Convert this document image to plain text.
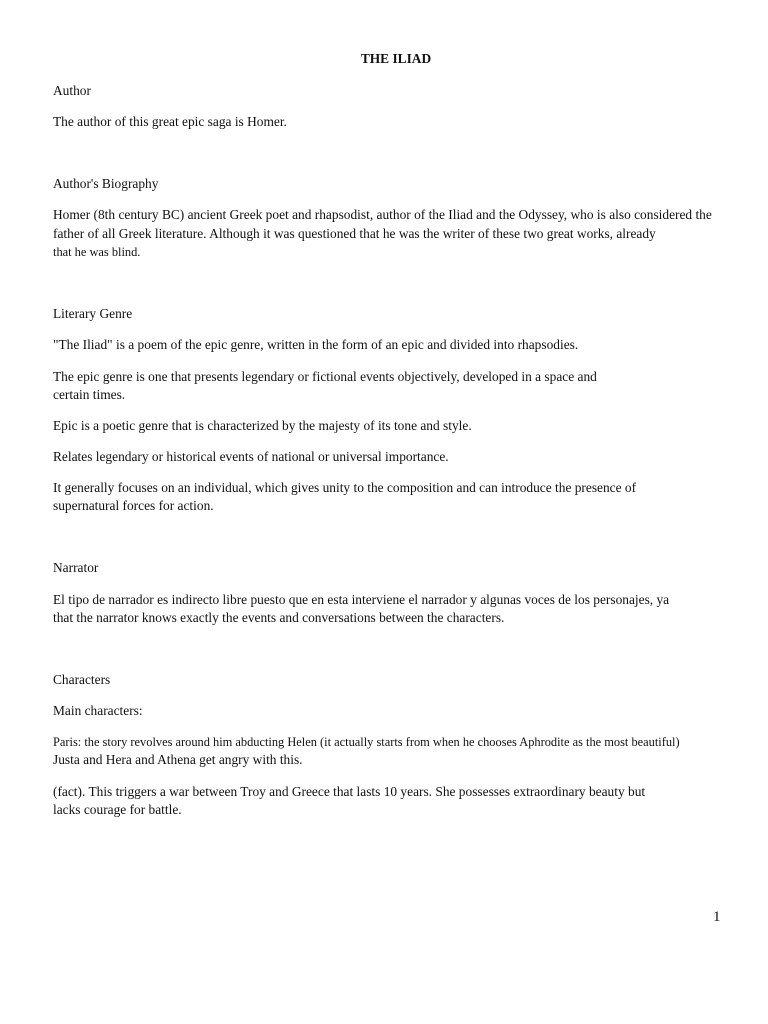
THE ILIAD
Author
The author of this great epic saga is Homer.
Author's Biography
Homer (8th century BC) ancient Greek poet and rhapsodist, author of the Iliad and the Odyssey, who is also considered the
father of all Greek literature. Although it was questioned that he was the writer of these two great works, already
that he was blind.
Literary Genre
"The Iliad" is a poem of the epic genre, written in the form of an epic and divided into rhapsodies.
The epic genre is one that presents legendary or fictional events objectively, developed in a space and
certain times.
Epic is a poetic genre that is characterized by the majesty of its tone and style.
Relates legendary or historical events of national or universal importance.
It generally focuses on an individual, which gives unity to the composition and can introduce the presence of
supernatural forces for action.
Narrator
El tipo de narrador es indirecto libre puesto que en esta interviene el narrador y algunas voces de los personajes, ya
that the narrator knows exactly the events and conversations between the characters.
Characters
Main characters:
Paris: the story revolves around him abducting Helen (it actually starts from when he chooses Aphrodite as the most beautiful)
Justa and Hera and Athena get angry with this.
(fact). This triggers a war between Troy and Greece that lasts 10 years. She possesses extraordinary beauty but
lacks courage for battle.
1
